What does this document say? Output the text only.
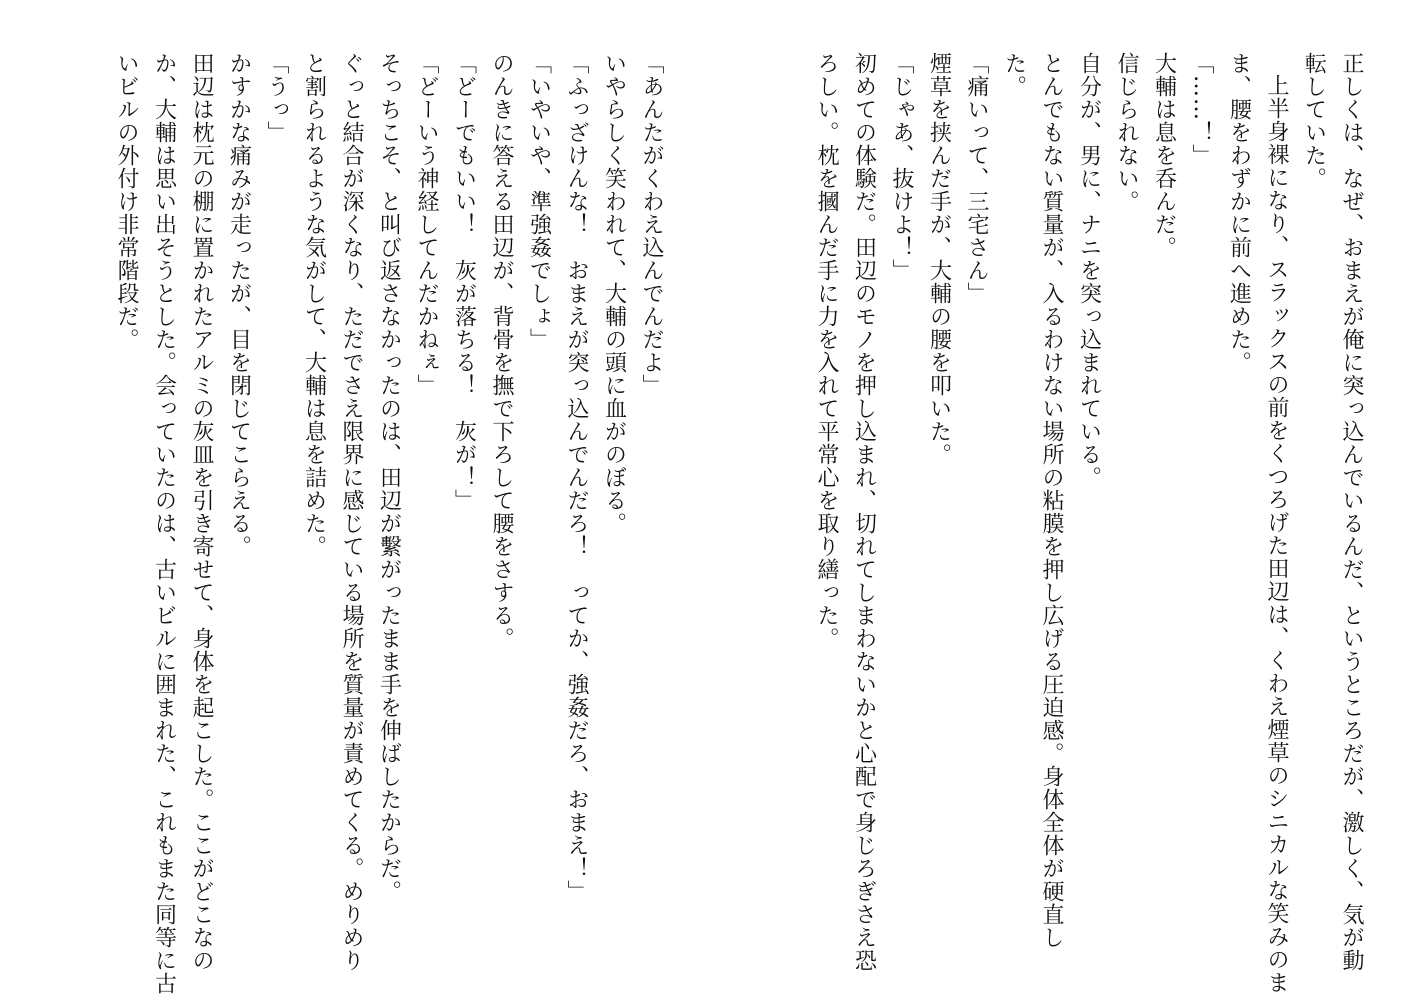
正しくは、なぜ、おまえが俺に突っ込んでいるんだ、というところだが、激しく、気が動
転していた。
上半身裸になり、スラックスの前をくつろげた田辺は、くわえ煙草のシニカルな笑みのま
ま、腰をわずかに前へ進めた。
「……！」
大輔は息を呑んだ。
信じられない。
自分が、男に、ナニを突っ込まれている。
とんでもない質量が、入るわけない場所の粘膜を押し広げる圧迫感。身体全体が硬直し
た。
「痛いって、三宅さん」
煙草を挟んだ手が、大輔の腰を叩いた。
「じゃあ、抜けよ！」
初めての体験だ。田辺のモノを押し込まれ、切れてしまわないかと心配で身じろぎさえ恐
ろしい。枕を摑んだ手に力を入れて平常心を取り繕った。
「あんたがくわえ込んでんだよ」
いやらしく笑われて、大輔の頭に血がのぼる。
「ふっざけんな！　おまえが突っ込んでんだろ！　ってか、強姦だろ、おまえ！」
「いやいや、準強姦でしょ」
のんきに答える田辺が、背骨を撫で下ろして腰をさする。
「どーでもいい！　灰が落ちる！　灰が！」
「どーいう神経してんだかねぇ」
そっちこそ、と叫び返さなかったのは、田辺が繫がったまま手を伸ばしたからだ。
ぐっと結合が深くなり、ただでさえ限界に感じている場所を質量が責めてくる。めりめり
と割られるような気がして、大輔は息を詰めた。
「うっ」
かすかな痛みが走ったが、目を閉じてこらえる。
田辺は枕元の棚に置かれたアルミの灰皿を引き寄せて、身体を起こした。ここがどこなの
か、大輔は思い出そうとした。会っていたのは、古いビルに囲まれた、これもまた同等に古
いビルの外付け非常階段だ。
